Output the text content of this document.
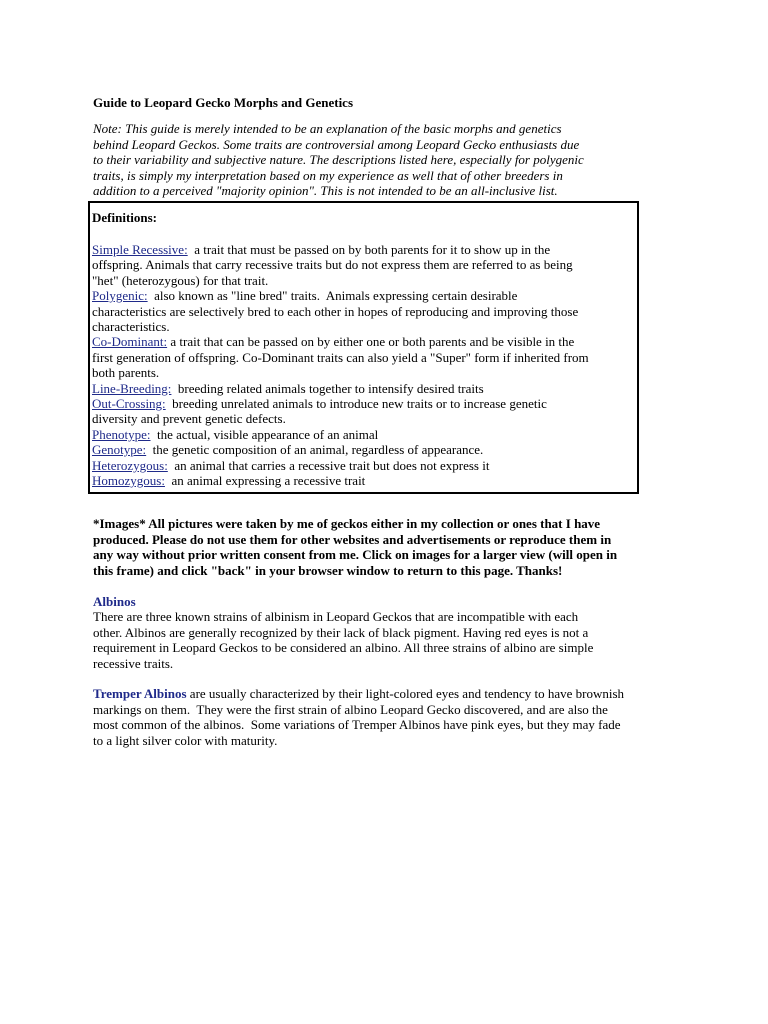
Guide to Leopard Gecko Morphs and Genetics
Note: This guide is merely intended to be an explanation of the basic morphs and genetics
behind Leopard Geckos. Some traits are controversial among Leopard Gecko enthusiasts due
to their variability and subjective nature. The descriptions listed here, especially for polygenic
traits, is simply my interpretation based on my experience as well that of other breeders in
addition to a perceived "majority opinion". This is not intended to be an all-inclusive list.
Definitions:
Simple Recessive:  a trait that must be passed on by both parents for it to show up in the
offspring. Animals that carry recessive traits but do not express them are referred to as being
"het" (heterozygous) for that trait.
Polygenic:  also known as "line bred" traits.  Animals expressing certain desirable
characteristics are selectively bred to each other in hopes of reproducing and improving those
characteristics.
Co-Dominant: a trait that can be passed on by either one or both parents and be visible in the
first generation of offspring. Co-Dominant traits can also yield a "Super" form if inherited from
both parents.
Line-Breeding:  breeding related animals together to intensify desired traits
Out-Crossing:  breeding unrelated animals to introduce new traits or to increase genetic
diversity and prevent genetic defects.
Phenotype:  the actual, visible appearance of an animal
Genotype:  the genetic composition of an animal, regardless of appearance.
Heterozygous:  an animal that carries a recessive trait but does not express it
Homozygous:  an animal expressing a recessive trait
*Images* All pictures were taken by me of geckos either in my collection or ones that I have
produced. Please do not use them for other websites and advertisements or reproduce them in
any way without prior written consent from me. Click on images for a larger view (will open in
this frame) and click "back" in your browser window to return to this page. Thanks!
Albinos
There are three known strains of albinism in Leopard Geckos that are incompatible with each
other. Albinos are generally recognized by their lack of black pigment. Having red eyes is not a
requirement in Leopard Geckos to be considered an albino. All three strains of albino are simple
recessive traits.
Tremper Albinos are usually characterized by their light-colored eyes and tendency to have brownish
markings on them.  They were the first strain of albino Leopard Gecko discovered, and are also the
most common of the albinos.  Some variations of Tremper Albinos have pink eyes, but they may fade
to a light silver color with maturity.
